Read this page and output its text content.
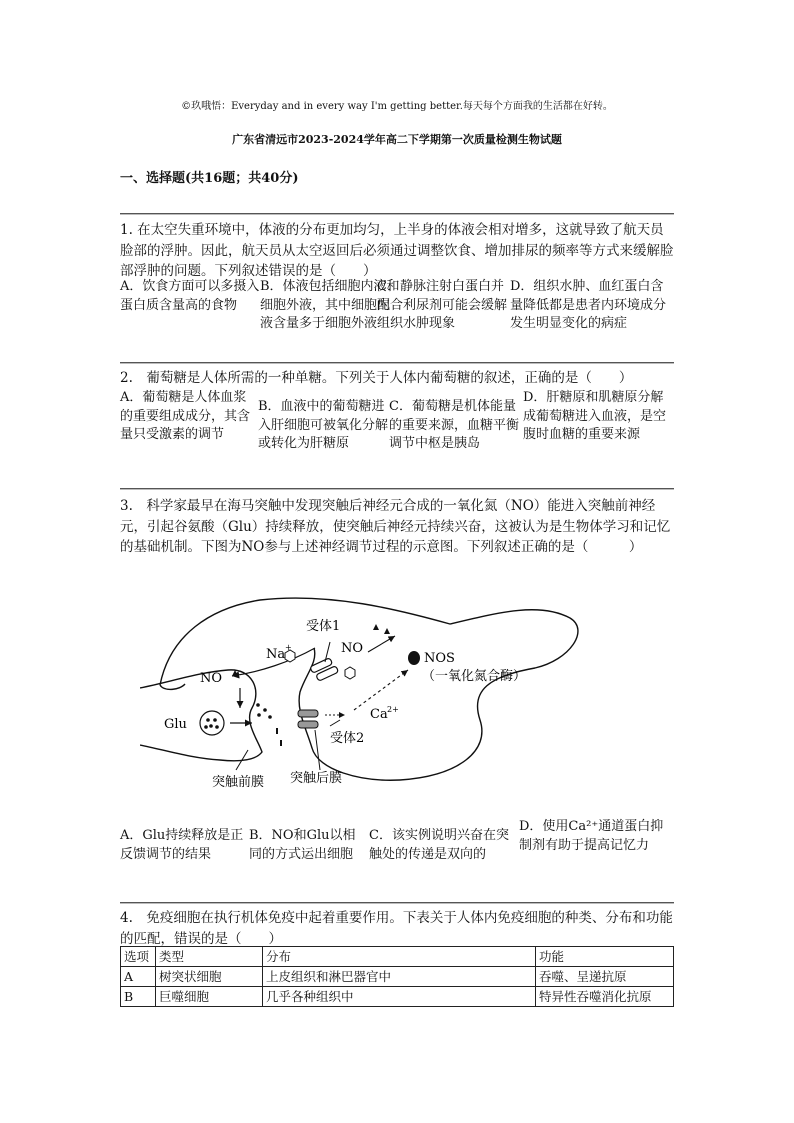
©玖哦悟：Everyday and in every way I'm getting better.每天每个方面我的生活都在好转。
广东省清远市2023-2024学年高二下学期第一次质量检测生物试题
一、选择题(共16题；共40分)
1. 在太空失重环境中，体液的分布更加均匀，上半身的体液会相对增多，这就导致了航天员脸部的浮肿。因此，航天员从太空返回后必须通过调整饮食、增加排尿的频率等方式来缓解脸部浮肿的问题。下列叙述错误的是（　　）
A．饮食方面可以多摄入蛋白质含量高的食物
B．体液包括细胞内液和细胞外液，其中细胞内液含量多于细胞外液
C．静脉注射白蛋白并配合利尿剂可能会缓解组织水肿现象
D．组织水肿、血红蛋白含量降低都是患者内环境成分发生明显变化的病症
2.　葡萄糖是人体所需的一种单糖。下列关于人体内葡萄糖的叙述，正确的是（　　）
A．葡萄糖是人体血浆的重要组成成分，其含量只受激素的调节
B．血液中的葡萄糖进入肝细胞可被氧化分解或转化为肝糖原
C．葡萄糖是机体能量的重要来源，血糖平衡调节中枢是胰岛
D．肝糖原和肌糖原分解成葡萄糖进入血液，是空腹时血糖的重要来源
3.　科学家最早在海马突触中发现突触后神经元合成的一氧化氮（NO）能进入突触前神经元，引起谷氨酸（Glu）持续释放，使突触后神经元持续兴奋，这被认为是生物体学习和记忆的基础机制。下图为NO参与上述神经调节过程的示意图。下列叙述正确的是（　　　）
受体1
Na +	NO
NOS
（一氧化氮合酶）
NO
Glu
Ca 2+
受体2
突触前膜 突触后膜
A．Glu持续释放是正反馈调节的结果
B．NO和Glu以相同的方式运出细胞
C．该实例说明兴奋在突触处的传递是双向的
D．使用Ca²⁺通道蛋白抑制剂有助于提高记忆力
4.　免疫细胞在执行机体免疫中起着重要作用。下表关于人体内免疫细胞的种类、分布和功能的匹配，错误的是（　　）
选项	类型	分布	功能
A	树突状细胞	上皮组织和淋巴器官中	吞噬、呈递抗原
B	巨噬细胞	几乎各种组织中	特异性吞噬消化抗原
